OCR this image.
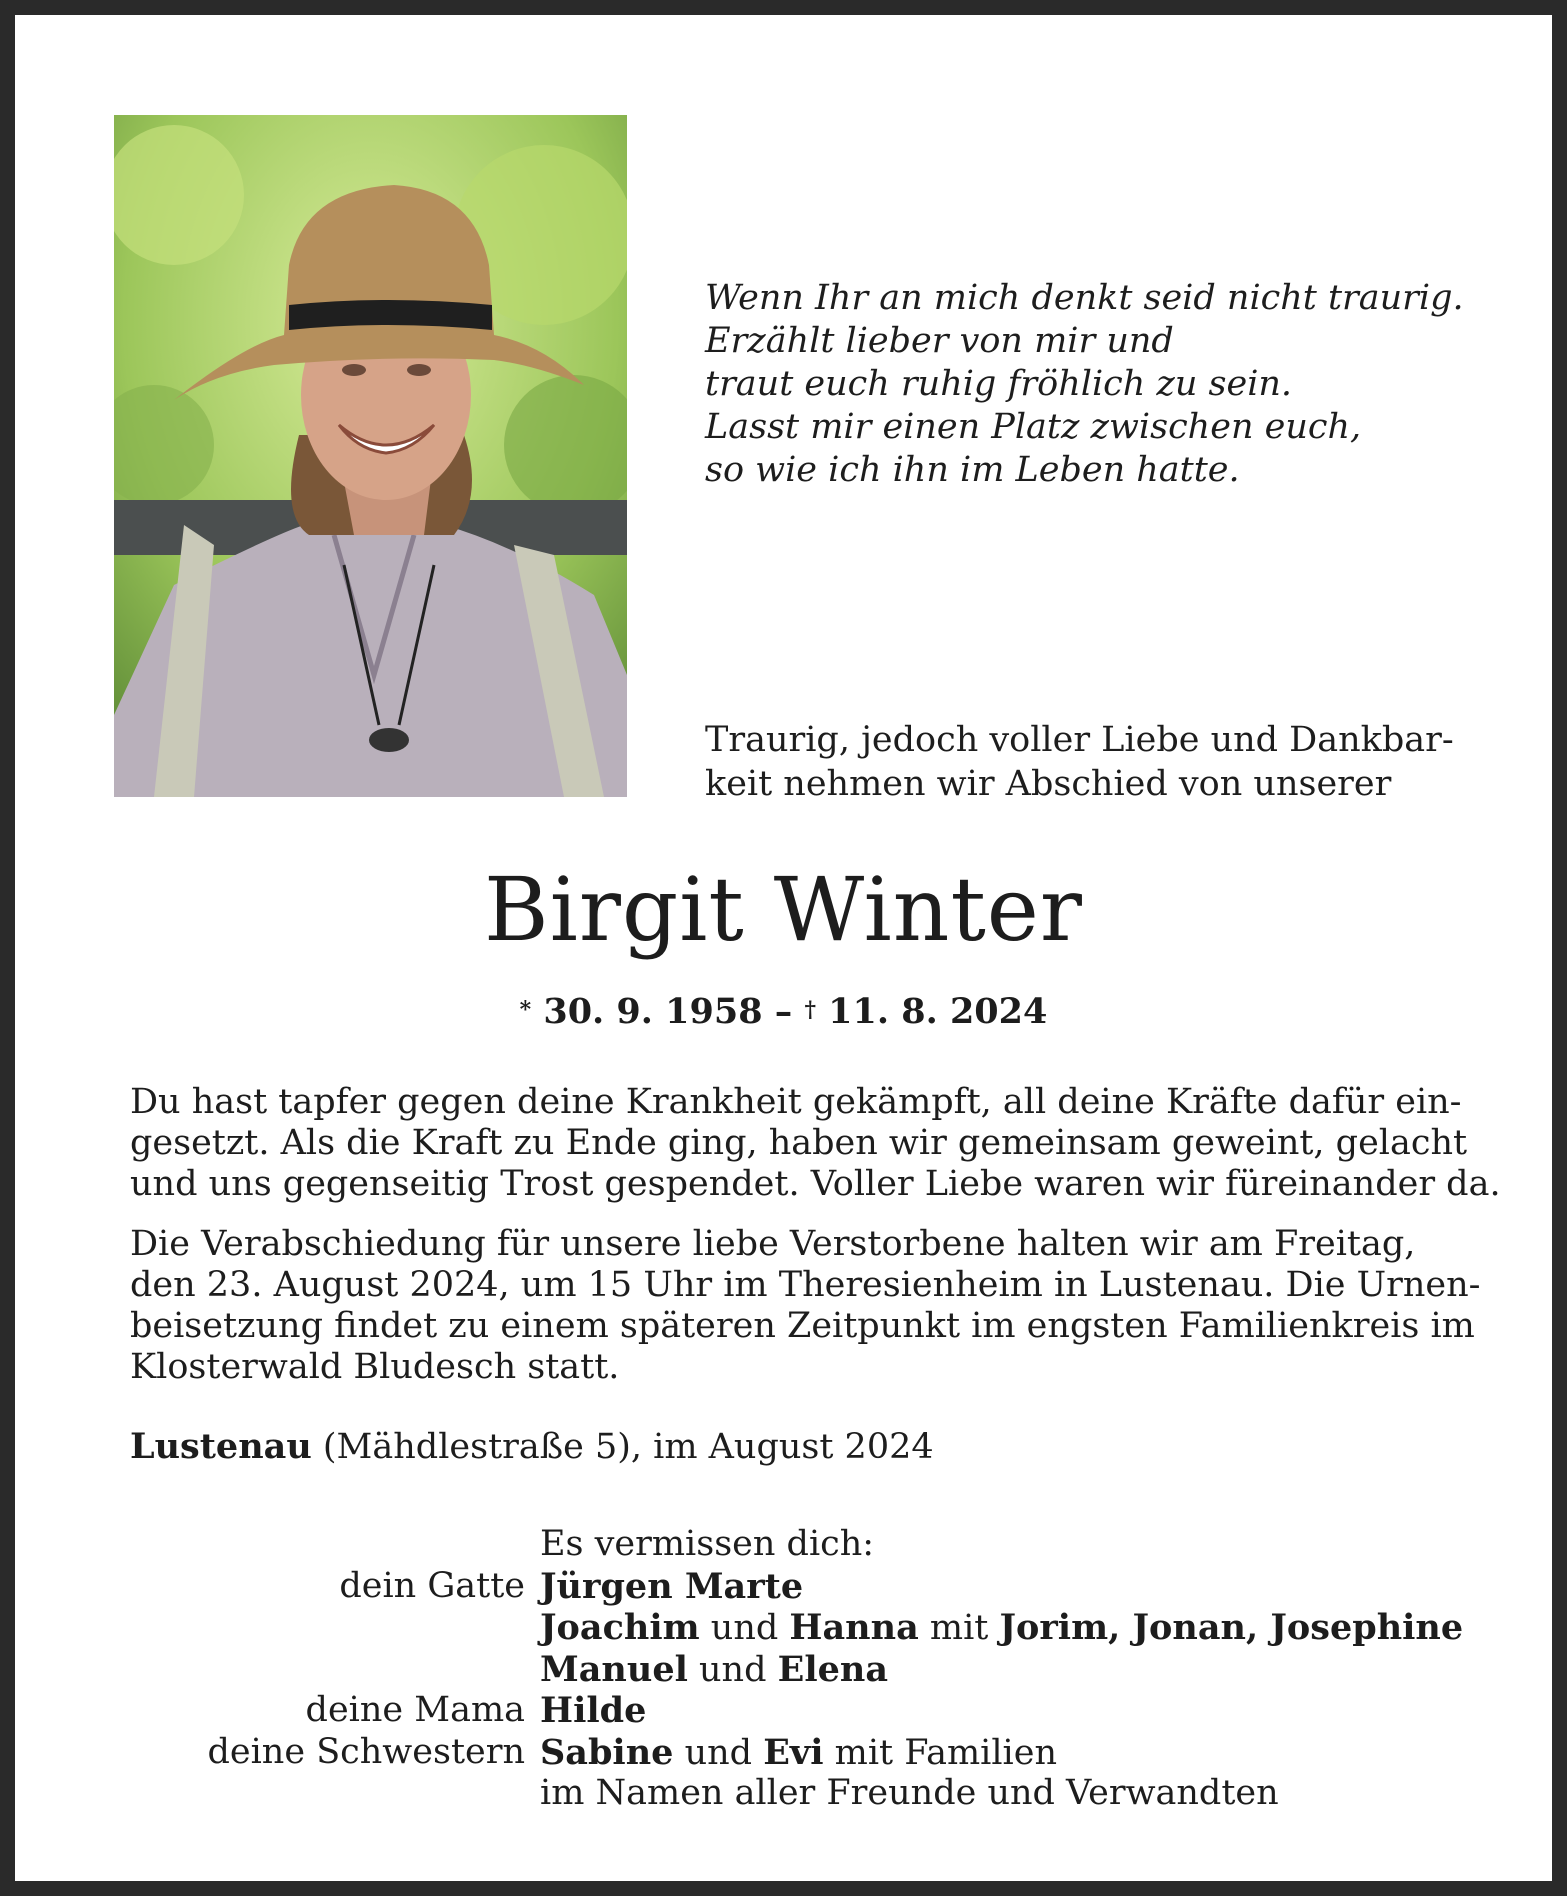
Wenn Ihr an mich denkt seid nicht traurig.
Erzählt lieber von mir und
traut euch ruhig fröhlich zu sein.
Lasst mir einen Platz zwischen euch,
so wie ich ihn im Leben hatte.
Traurig, jedoch voller Liebe und Dankbar-
keit nehmen wir Abschied von unserer
Birgit Winter
* 30. 9. 1958 – † 11. 8. 2024
Du hast tapfer gegen deine Krankheit gekämpft, all deine Kräfte dafür ein-
gesetzt. Als die Kraft zu Ende ging, haben wir gemeinsam geweint, gelacht
und uns gegenseitig Trost gespendet. Voller Liebe waren wir füreinander da.
Die Verabschiedung für unsere liebe Verstorbene halten wir am Freitag,
den 23. August 2024, um 15 Uhr im Theresienheim in Lustenau. Die Urnen-
beisetzung findet zu einem späteren Zeitpunkt im engsten Familienkreis im
Klosterwald Bludesch statt.
Lustenau (Mähdlestraße 5), im August 2024
Es vermissen dich:
dein Gatte Jürgen Marte
Joachim und Hanna mit Jorim, Jonan, Josephine
Manuel und Elena
deine Mama Hilde
deine Schwestern Sabine und Evi mit Familien
im Namen aller Freunde und Verwandten
